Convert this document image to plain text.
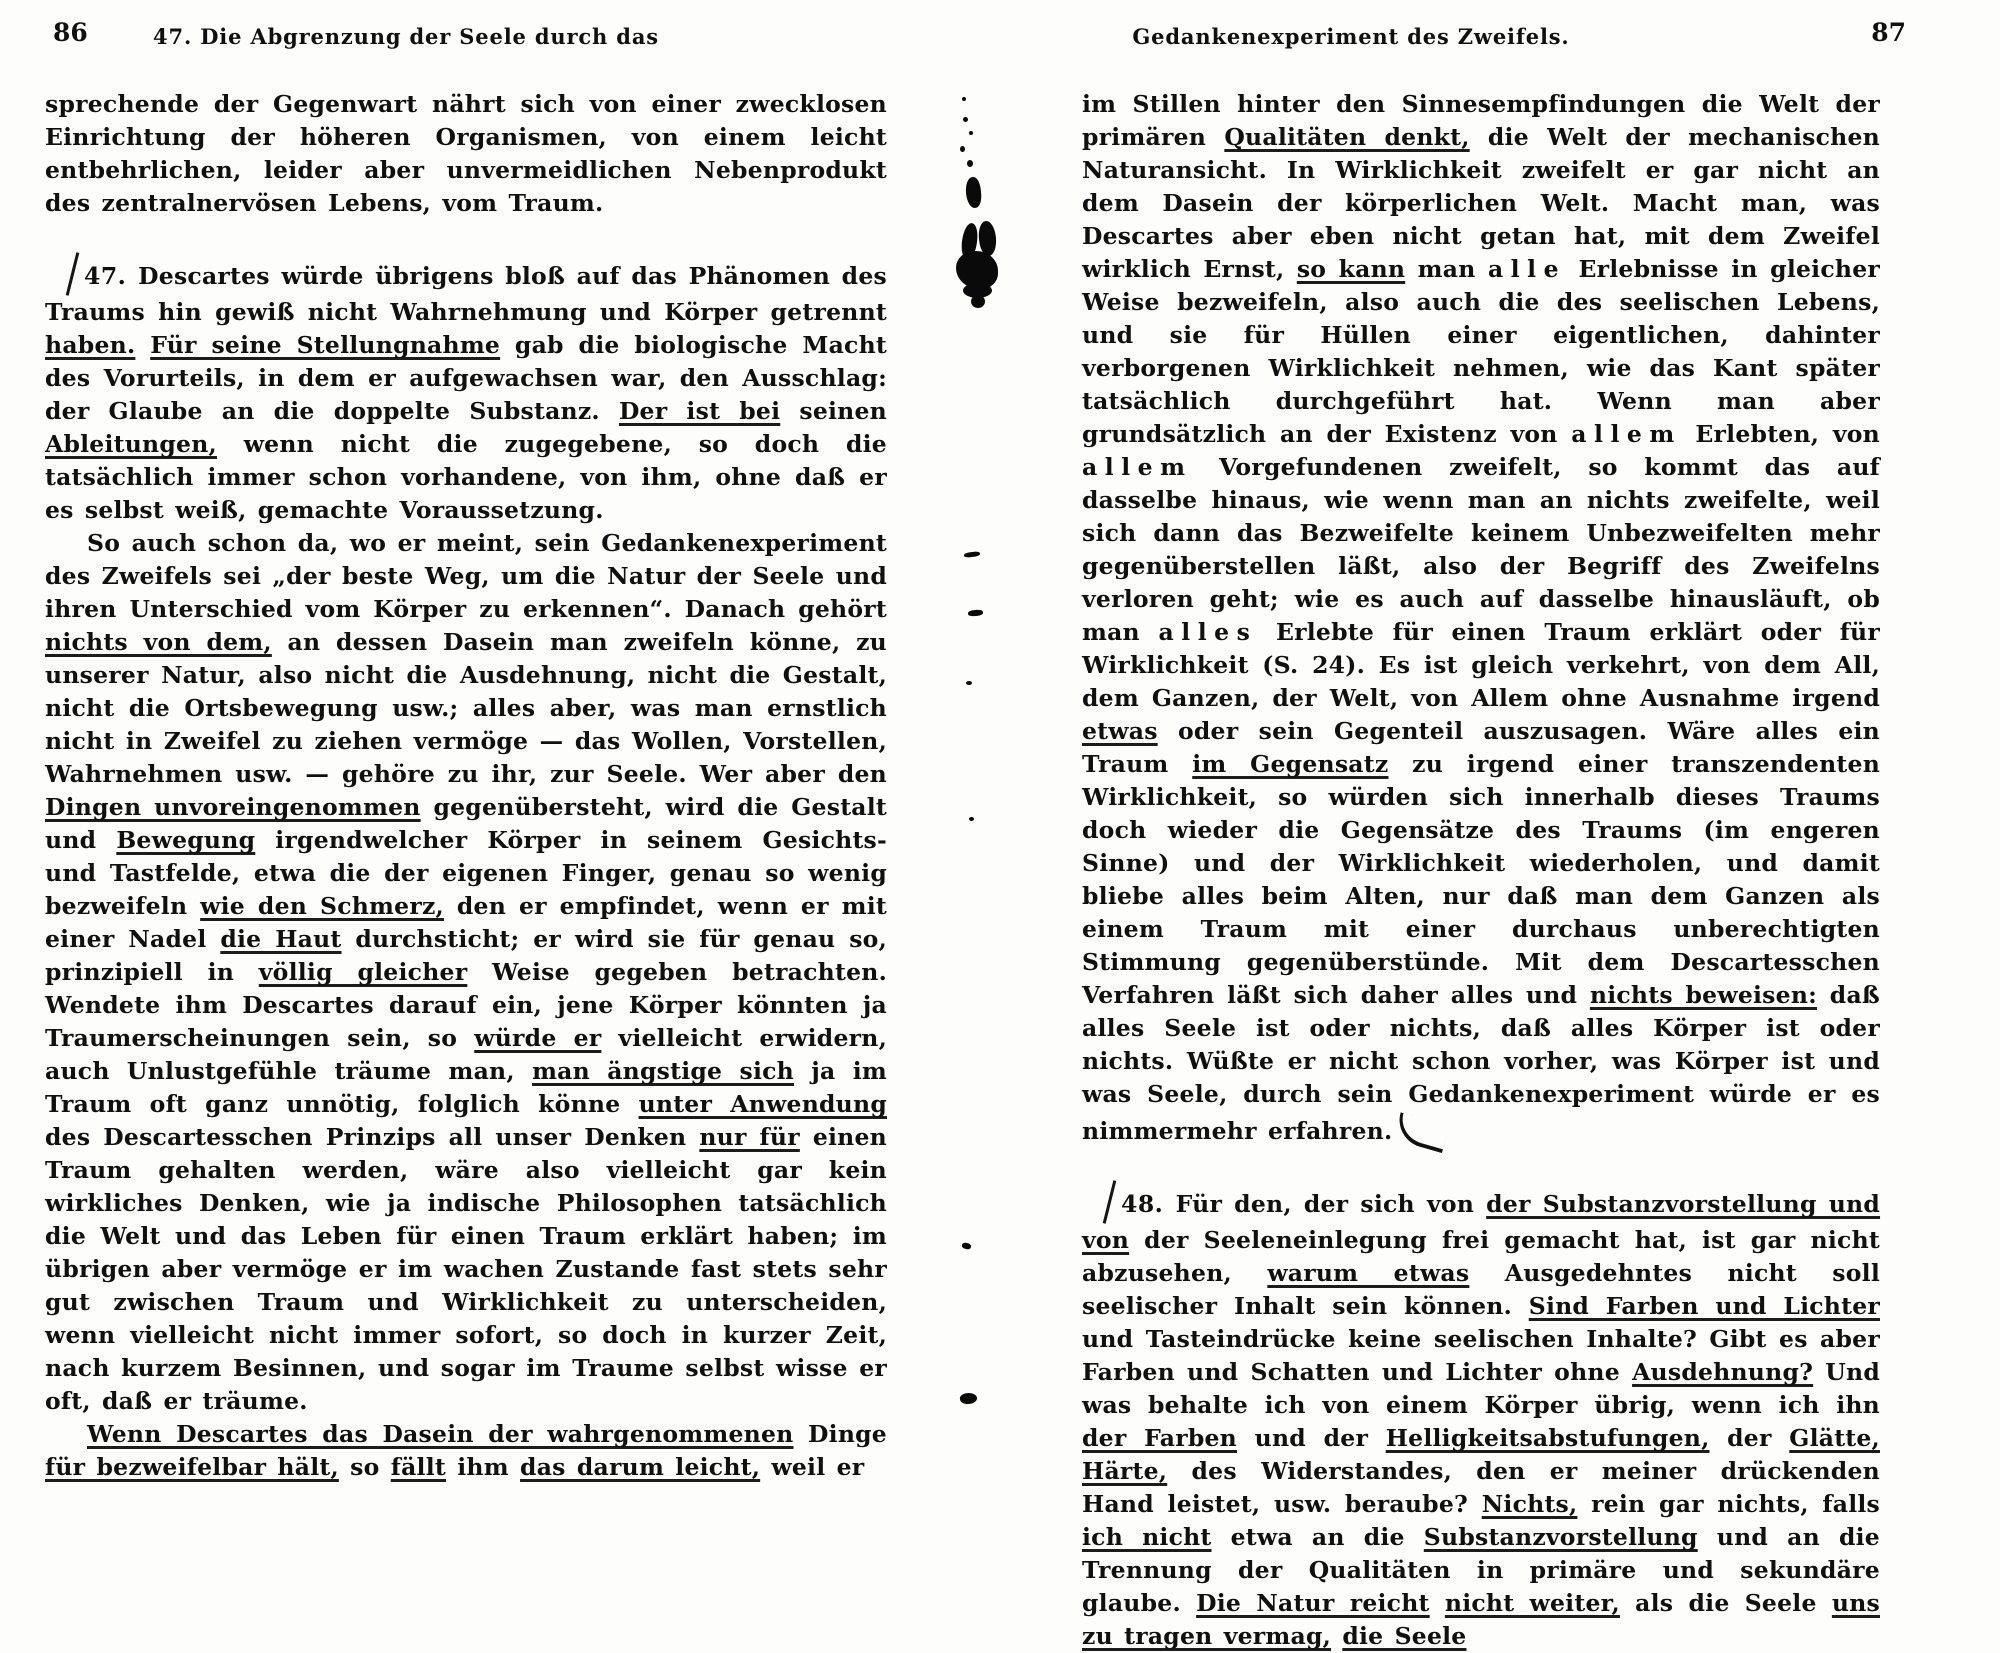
86	47. Die Abgrenzung der Seele durch das

sprechende der Gegenwart nährt sich von einer zwecklosen Einrichtung der höheren Organismen, von einem leicht entbehrlichen, leider aber unvermeidlichen Nebenprodukt des zentralnervösen Lebens, vom Traum.

47. Descartes würde übrigens bloß auf das Phänomen des Traums hin gewiß nicht Wahrnehmung und Körper getrennt haben. Für seine Stellungnahme gab die biologische Macht des Vorurteils, in dem er aufgewachsen war, den Ausschlag: der Glaube an die doppelte Substanz. Der ist bei seinen Ableitungen, wenn nicht die zugegebene, so doch die tatsächlich immer schon vorhandene, von ihm, ohne daß er es selbst weiß, gemachte Voraussetzung.

So auch schon da, wo er meint, sein Gedankenexperiment des Zweifels sei „der beste Weg, um die Natur der Seele und ihren Unterschied vom Körper zu erkennen“. Danach gehört nichts von dem, an dessen Dasein man zweifeln könne, zu unserer Natur, also nicht die Ausdehnung, nicht die Gestalt, nicht die Ortsbewegung usw.; alles aber, was man ernstlich nicht in Zweifel zu ziehen vermöge — das Wollen, Vorstellen, Wahrnehmen usw. — gehöre zu ihr, zur Seele. Wer aber den Dingen unvoreingenommen gegenübersteht, wird die Gestalt und Bewegung irgendwelcher Körper in seinem Gesichts- und Tastfelde, etwa die der eigenen Finger, genau so wenig bezweifeln wie den Schmerz, den er empfindet, wenn er mit einer Nadel die Haut durchsticht; er wird sie für genau so, prinzipiell in völlig gleicher Weise gegeben betrachten. Wendete ihm Descartes darauf ein, jene Körper könnten ja Traumerscheinungen sein, so würde er vielleicht erwidern, auch Unlustgefühle träume man, man ängstige sich ja im Traum oft ganz unnötig, folglich könne unter Anwendung des Descartesschen Prinzips all unser Denken nur für einen Traum gehalten werden, wäre also vielleicht gar kein wirkliches Denken, wie ja indische Philosophen tatsächlich die Welt und das Leben für einen Traum erklärt haben; im übrigen aber vermöge er im wachen Zustande fast stets sehr gut zwischen Traum und Wirklichkeit zu unterscheiden, wenn vielleicht nicht immer sofort, so doch in kurzer Zeit, nach kurzem Besinnen, und sogar im Traume selbst wisse er oft, daß er träume.

Wenn Descartes das Dasein der wahrgenommenen Dinge für bezweifelbar hält, so fällt ihm das darum leicht, weil er

Gedankenexperiment des Zweifels.	87

im Stillen hinter den Sinnesempfindungen die Welt der primären Qualitäten denkt, die Welt der mechanischen Naturansicht. In Wirklichkeit zweifelt er gar nicht an dem Dasein der körperlichen Welt. Macht man, was Descartes aber eben nicht getan hat, mit dem Zweifel wirklich Ernst, so kann man alle Erlebnisse in gleicher Weise bezweifeln, also auch die des seelischen Lebens, und sie für Hüllen einer eigentlichen, dahinter verborgenen Wirklichkeit nehmen, wie das Kant später tatsächlich durchgeführt hat. Wenn man aber grundsätzlich an der Existenz von allem Erlebten, von allem Vorgefundenen zweifelt, so kommt das auf dasselbe hinaus, wie wenn man an nichts zweifelte, weil sich dann das Bezweifelte keinem Unbezweifelten mehr gegenüberstellen läßt, also der Begriff des Zweifelns verloren geht; wie es auch auf dasselbe hinausläuft, ob man alles Erlebte für einen Traum erklärt oder für Wirklichkeit (S. 24). Es ist gleich verkehrt, von dem All, dem Ganzen, der Welt, von Allem ohne Ausnahme irgend etwas oder sein Gegenteil auszusagen. Wäre alles ein Traum im Gegensatz zu irgend einer transzendenten Wirklichkeit, so würden sich innerhalb dieses Traums doch wieder die Gegensätze des Traums (im engeren Sinne) und der Wirklichkeit wiederholen, und damit bliebe alles beim Alten, nur daß man dem Ganzen als einem Traum mit einer durchaus unberechtigten Stimmung gegenüberstünde. Mit dem Descartesschen Verfahren läßt sich daher alles und nichts beweisen: daß alles Seele ist oder nichts, daß alles Körper ist oder nichts. Wüßte er nicht schon vorher, was Körper ist und was Seele, durch sein Gedankenexperiment würde er es nimmermehr erfahren.

48. Für den, der sich von der Substanzvorstellung und von der Seeleneinlegung frei gemacht hat, ist gar nicht abzusehen, warum etwas Ausgedehntes nicht soll seelischer Inhalt sein können. Sind Farben und Lichter und Tasteindrücke keine seelischen Inhalte? Gibt es aber Farben und Schatten und Lichter ohne Ausdehnung? Und was behalte ich von einem Körper übrig, wenn ich ihn der Farben und der Helligkeitsabstufungen, der Glätte, Härte, des Widerstandes, den er meiner drückenden Hand leistet, usw. beraube? Nichts, rein gar nichts, falls ich nicht etwa an die Substanzvorstellung und an die Trennung der Qualitäten in primäre und sekundäre glaube. Die Natur reicht nicht weiter, als die Seele uns zu tragen vermag, die Seele
